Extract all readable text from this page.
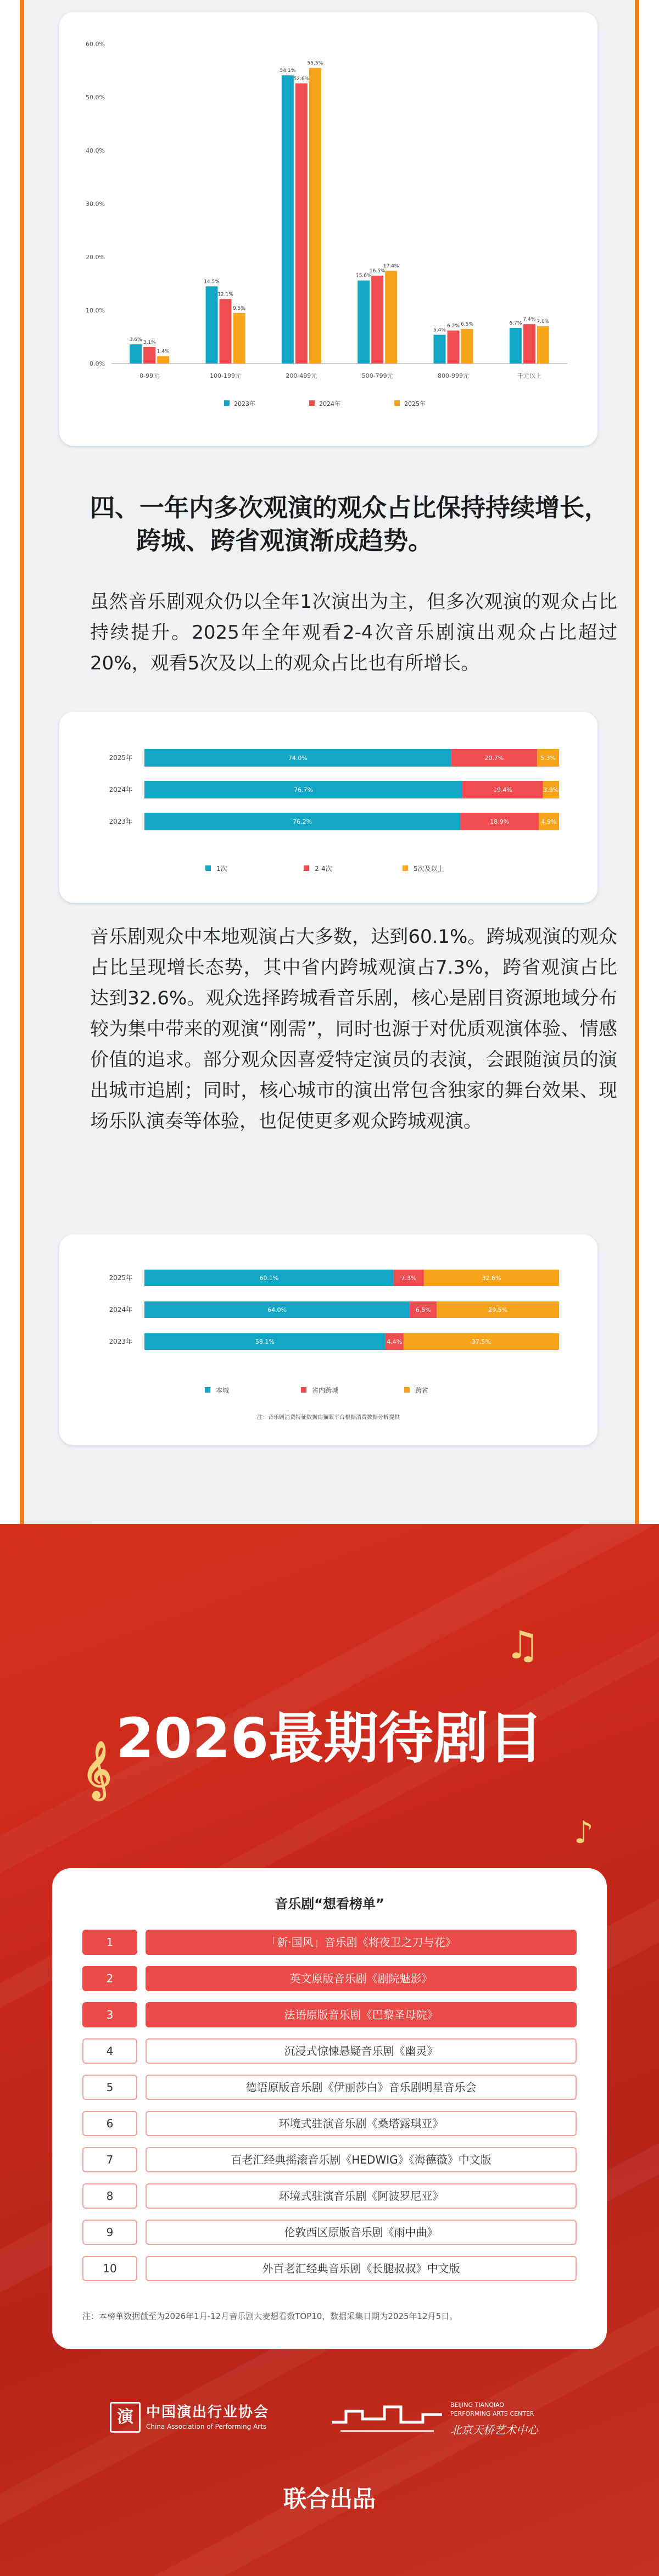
0.0%
10.0%
20.0%
30.0%
40.0%
50.0%
60.0%
3.6% 3.1%
1.4%
0-99元
14.5%
12.1%
9.5%
100-199元
54.1%
52.6%
55.5%
200-499元
15.6%
16.5%
17.4%
500-799元
5.4%
6.2% 6.5%
800-999元
6.7%
7.4% 7.0%
千元以上
2023年	2024年	2025年
四、一年内多次观演的观众占比保持持续增长，
跨城、跨省观演渐成趋势。
虽然音乐剧观众仍以全年1次演出为主，但多次观演的观众占比持续提升。2025年全年观看2-4次音乐剧演出观众占比超过20%，观看5次及以上的观众占比也有所增长。
2025年	74.0%	20.7%	5.3%
2024年	76.7%	19.4%	3.9%
2023年	76.2%	18.9%	4.9%
1次	2-4次	5次及以上
音乐剧观众中本地观演占大多数，达到60.1%。跨城观演的观众占比呈现增长态势，其中省内跨城观演占7.3%，跨省观演占比达到32.6%。观众选择跨城看音乐剧，核心是剧目资源地域分布较为集中带来的观演“刚需”，同时也源于对优质观演体验、情感价值的追求。部分观众因喜爱特定演员的表演，会跟随演员的演出城市追剧；同时，核心城市的演出常包含独家的舞台效果、现场乐队演奏等体验，也促使更多观众跨城观演。
2025年	60.1%	7.3%	32.6%
2024年	64.0%	6.5%	29.5%
2023年	58.1%	4.4%	37.5%
本城	省内跨城	跨省
注：音乐剧消费特征数据由猫眼平台根据消费数据分析提供
♫
𝄞
♪
2026最期待剧目
音乐剧“想看榜单”
1	「新·国风」音乐剧《将夜卫之刀与花》
2	英文原版音乐剧《剧院魅影》
3	法语原版音乐剧《巴黎圣母院》
4	沉浸式惊悚悬疑音乐剧《幽灵》
5	德语原版音乐剧《伊丽莎白》音乐剧明星音乐会
6	环境式驻演音乐剧《桑塔露琪亚》
7	百老汇经典摇滚音乐剧《HEDWIG》《海德薇》中文版
8	环境式驻演音乐剧《阿波罗尼亚》
9	伦敦西区原版音乐剧《雨中曲》
10	外百老汇经典音乐剧《长腿叔叔》中文版
注：本榜单数据截至为2026年1月-12月音乐剧大麦想看数TOP10，数据采集日期为2025年12月5日。
演 中国演出行业协会
China Association of Performing Arts
BEIJING TIANQIAO
PERFORMING ARTS CENTER
北京天桥艺术中心
联合出品
